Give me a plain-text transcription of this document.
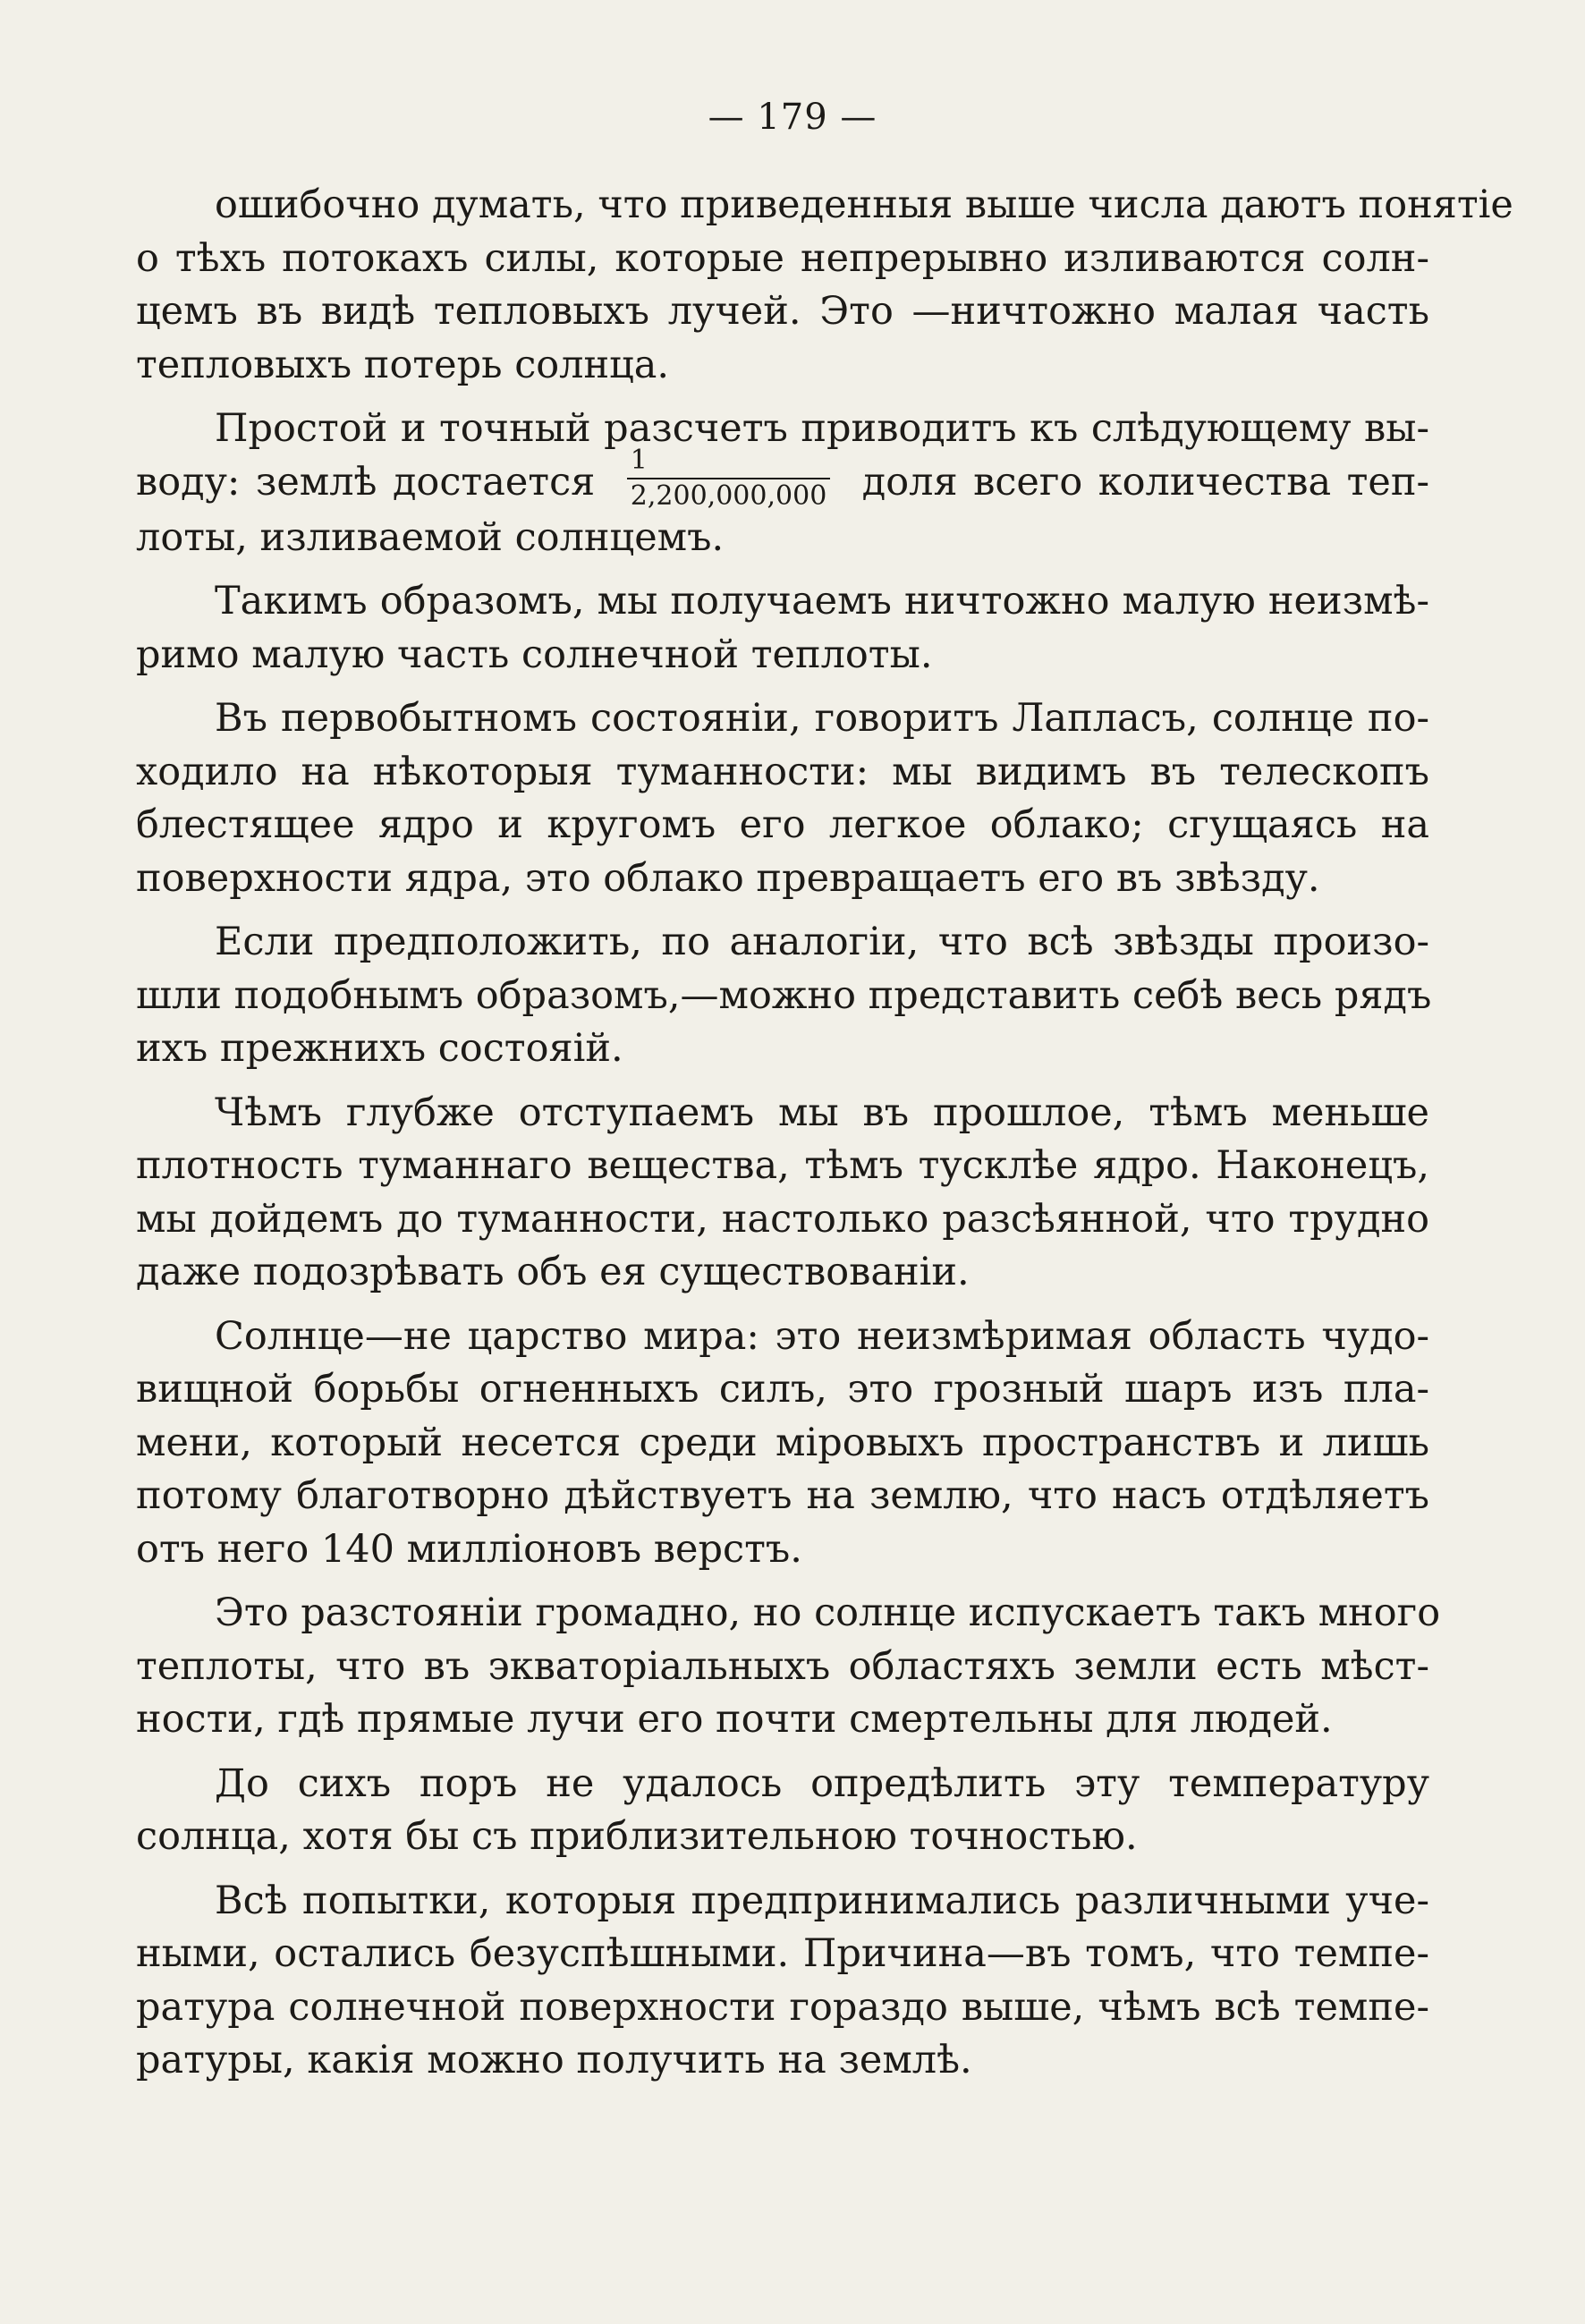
— 179 —
ошибочно думать, что приведенныя выше числа даютъ понятіе
о тѣхъ потокахъ силы, которые непрерывно изливаются солн-
цемъ въ видѣ тепловыхъ лучей. Это —ничтожно малая часть
тепловыхъ потерь солнца.
Простой и точный разсчетъ приводитъ къ слѣдующему вы-
воду: землѣ достается $\frac{1}{2,200,000,000}$ доля всего количества теп-
лоты, изливаемой солнцемъ.
Такимъ образомъ, мы получаемъ ничтожно малую неизмѣ-
римо малую часть солнечной теплоты.
Въ первобытномъ состояніи, говоритъ Лапласъ, солнце по-
ходило на нѣкоторыя туманности: мы видимъ въ телескопъ
блестящее ядро и кругомъ его легкое облако; сгущаясь на
поверхности ядра, это облако превращаетъ его въ звѣзду.
Если предположить, по аналогіи, что всѣ звѣзды произо-
шли подобнымъ образомъ,—можно представить себѣ весь рядъ
ихъ прежнихъ состояій.
Чѣмъ глубже отступаемъ мы въ прошлое, тѣмъ меньше
плотность туманнаго вещества, тѣмъ тусклѣе ядро. Наконецъ,
мы дойдемъ до туманности, настолько разсѣянной, что трудно
даже подозрѣвать объ ея существованіи.
Солнце—не царство мира: это неизмѣримая область чудо-
вищной борьбы огненныхъ силъ, это грозный шаръ изъ пла-
мени, который несется среди міровыхъ пространствъ и лишь
потому благотворно дѣйствуетъ на землю, что насъ отдѣляетъ
отъ него 140 милліоновъ верстъ.
Это разстояніи громадно, но солнце испускаетъ такъ много
теплоты, что въ экваторіальныхъ областяхъ земли есть мѣст-
ности, гдѣ прямые лучи его почти смертельны для людей.
До сихъ поръ не удалось опредѣлить эту температуру
солнца, хотя бы съ приблизительною точностью.
Всѣ попытки, которыя предпринимались различными уче-
ными, остались безуспѣшными. Причина—въ томъ, что темпе-
ратура солнечной поверхности гораздо выше, чѣмъ всѣ темпе-
ратуры, какія можно получить на землѣ.
